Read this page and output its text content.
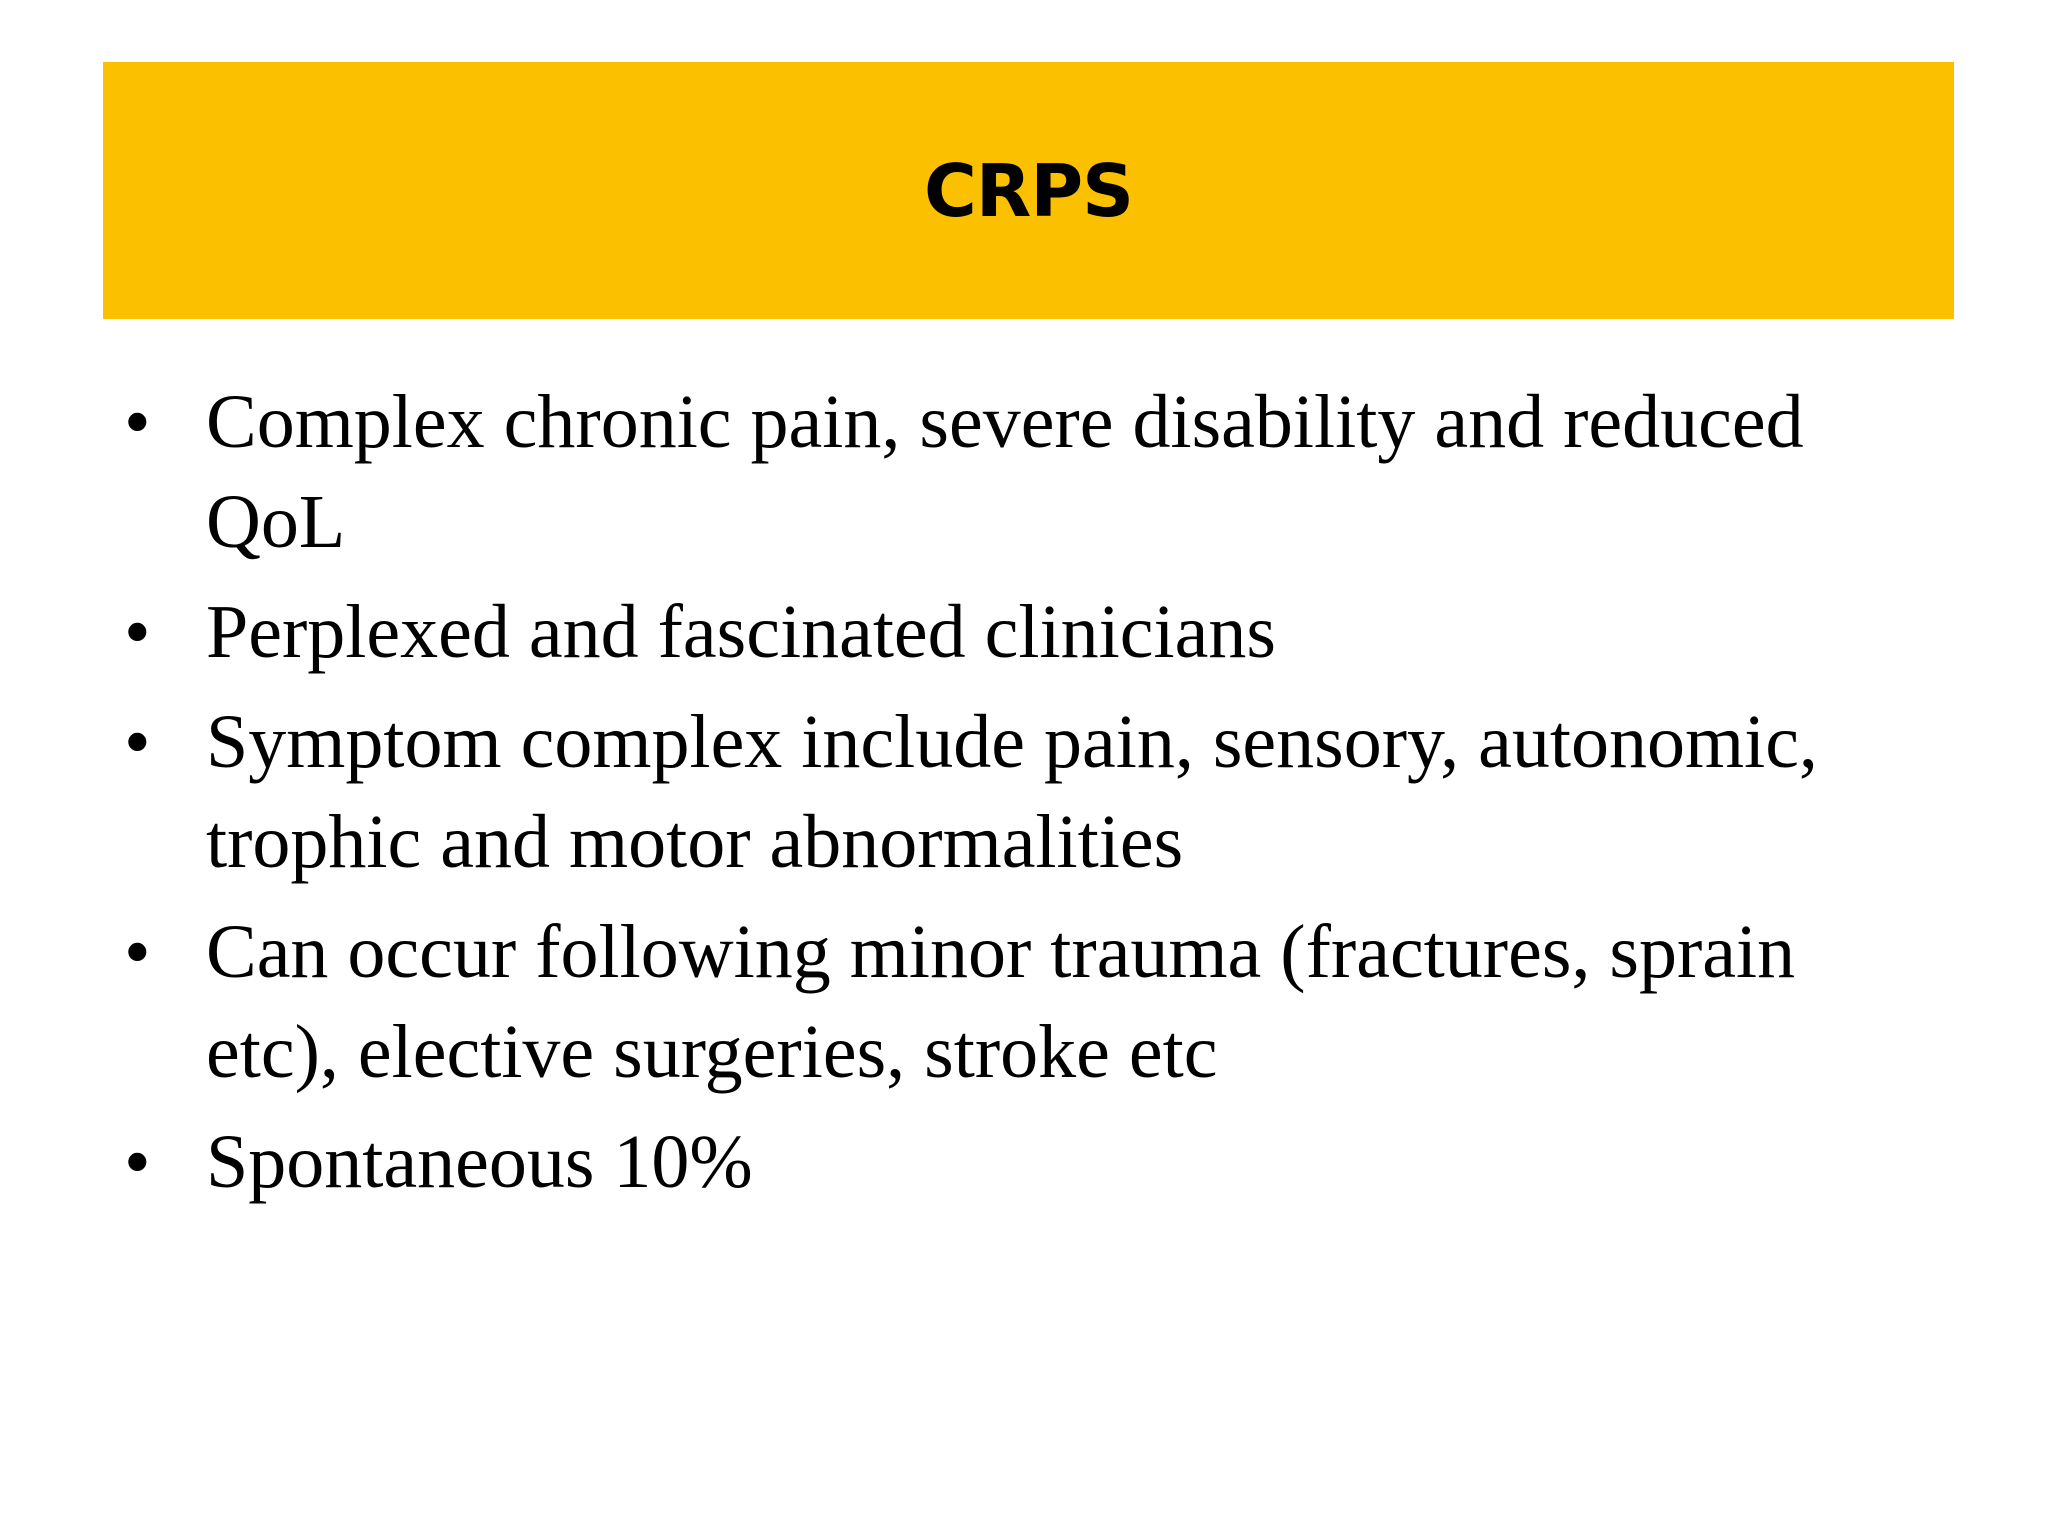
CRPS
• Complex chronic pain, severe disability and reduced QoL
• Perplexed and fascinated clinicians
• Symptom complex include pain, sensory, autonomic, trophic and motor abnormalities
• Can occur following minor trauma (fractures, sprain etc), elective surgeries, stroke etc
• Spontaneous 10%
